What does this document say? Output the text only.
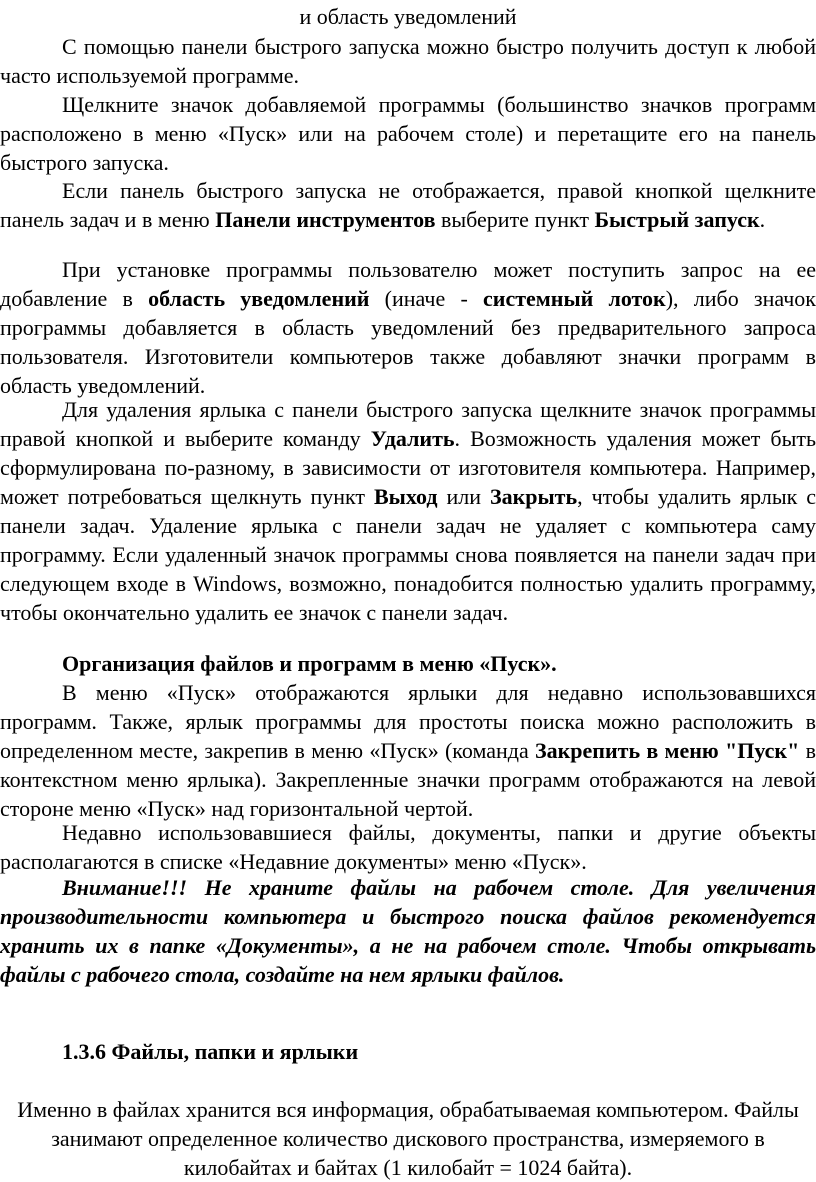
и область уведомлений
С помощью панели быстрого запуска можно быстро получить доступ к любой часто используемой программе.
Щелкните значок добавляемой программы (большинство значков программ расположено в меню «Пуск» или на рабочем столе) и перетащите его на панель быстрого запуска.
Если панель быстрого запуска не отображается, правой кнопкой щелкните панель задач и в меню Панели инструментов выберите пункт Быстрый запуск.
При установке программы пользователю может поступить запрос на ее добавление в область уведомлений (иначе - системный лоток), либо значок программы добавляется в область уведомлений без предварительного запроса пользователя. Изготовители компьютеров также добавляют значки программ в область уведомлений.
Для удаления ярлыка с панели быстрого запуска щелкните значок программы правой кнопкой и выберите команду Удалить. Возможность удаления может быть сформулирована по-разному, в зависимости от изготовителя компьютера. Например, может потребоваться щелкнуть пункт Выход или Закрыть, чтобы удалить ярлык с панели задач. Удаление ярлыка с панели задач не удаляет с компьютера саму программу. Если удаленный значок программы снова появляется на панели задач при следующем входе в Windows, возможно, понадобится полностью удалить программу, чтобы окончательно удалить ее значок с панели задач.
Организация файлов и программ в меню «Пуск».
В меню «Пуск» отображаются ярлыки для недавно использовавшихся программ. Также, ярлык программы для простоты поиска можно расположить в определенном месте, закрепив в меню «Пуск» (команда Закрепить в меню "Пуск" в контекстном меню ярлыка). Закрепленные значки программ отображаются на левой стороне меню «Пуск» над горизонтальной чертой.
Недавно использовавшиеся файлы, документы, папки и другие объекты располагаются в списке «Недавние документы» меню «Пуск».
Внимание!!! Не храните файлы на рабочем столе. Для увеличения производительности компьютера и быстрого поиска файлов рекомендуется хранить их в папке «Документы», а не на рабочем столе. Чтобы открывать файлы с рабочего стола, создайте на нем ярлыки файлов.
1.3.6 Файлы, папки и ярлыки
Именно в файлах хранится вся информация, обрабатываемая компьютером. Файлы занимают определенное количество дискового пространства, измеряемого в килобайтах и байтах (1 килобайт = 1024 байта).
